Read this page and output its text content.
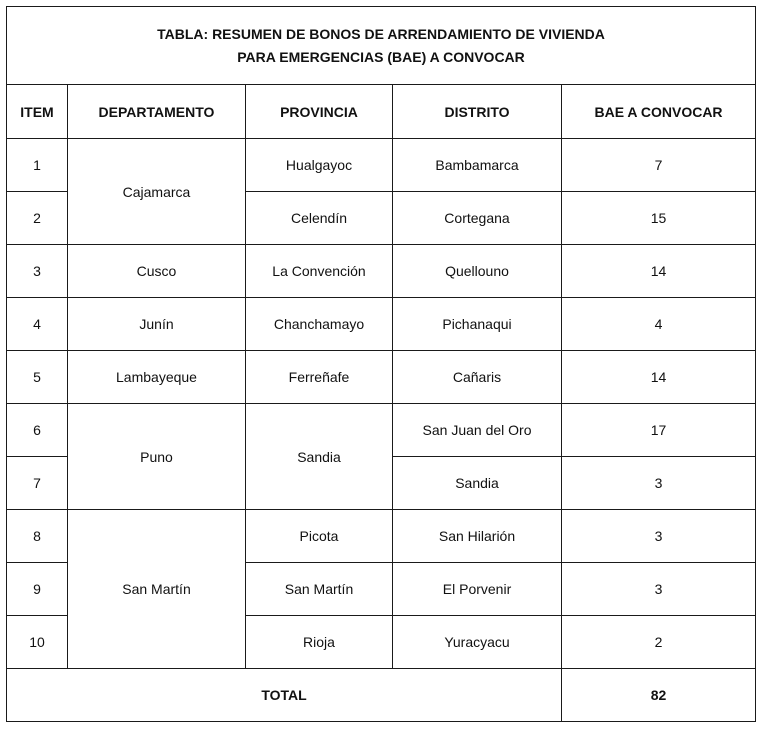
TABLA: RESUMEN DE BONOS DE ARRENDAMIENTO DE VIVIENDA
PARA EMERGENCIAS (BAE) A CONVOCAR				

ITEM	DEPARTAMENTO	PROVINCIA	DISTRITO	BAE A CONVOCAR
1	Cajamarca	Hualgayoc	Bambamarca	7
2		Celendín	Cortegana	15
3	Cusco	La Convención	Quellouno	14
4	Junín	Chanchamayo	Pichanaqui	4
5	Lambayeque	Ferreñafe	Cañaris	14
6	Puno	Sandia	San Juan del Oro	17
7			Sandia	3
8	San Martín	Picota	San Hilarión	3
9		San Martín	El Porvenir	3
10		Rioja	Yuracyacu	2
TOTAL				82
